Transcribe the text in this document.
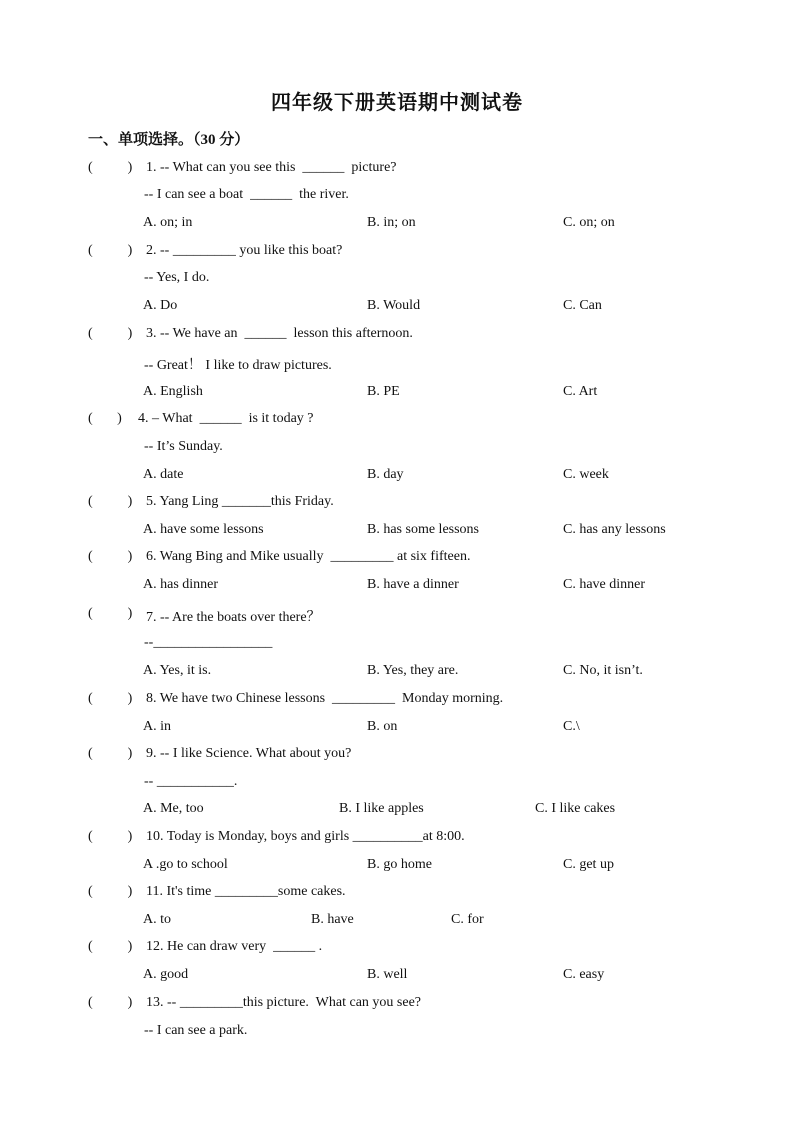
四年级下册英语期中测试卷
一、单项选择。（30 分）
(          ) 1. -- What can you see this  ______  picture?
-- I can see a boat  ______  the river.
A. on; in	B. in; on	C. on; on
(          ) 2. -- _________ you like this boat?
-- Yes, I do.
A. Do	B. Would	C. Can
(          ) 3. -- We have an  ______  lesson this afternoon.
-- Great！ I like to draw pictures.
A. English	B. PE	C. Art
(       ) 4. – What  ______  is it today ?
-- It’s Sunday.
A. date	B. day	C. week
(          ) 5. Yang Ling _______this Friday.
A. have some lessons	B. has some lessons	C. has any lessons
(          ) 6. Wang Bing and Mike usually  _________ at six fifteen.
A. has dinner	B. have a dinner	C. have dinner
(          ) 7. -- Are the boats over there？
--_________________
A. Yes, it is.	B. Yes, they are.	C. No, it isn’t.
(          ) 8. We have two Chinese lessons  _________  Monday morning.
A. in	B. on	C.\
(          ) 9. -- I like Science. What about you?
-- ___________.
A. Me, too	B. I like apples	C. I like cakes
(          ) 10. Today is Monday, boys and girls __________at 8:00.
A .go to school	B. go home	C. get up
(          ) 11. It's time _________some cakes.
A. to	B. have	C. for
(          ) 12. He can draw very  ______ .
A. good	B. well	C. easy
(          ) 13. -- _________this picture.  What can you see?
-- I can see a park.
